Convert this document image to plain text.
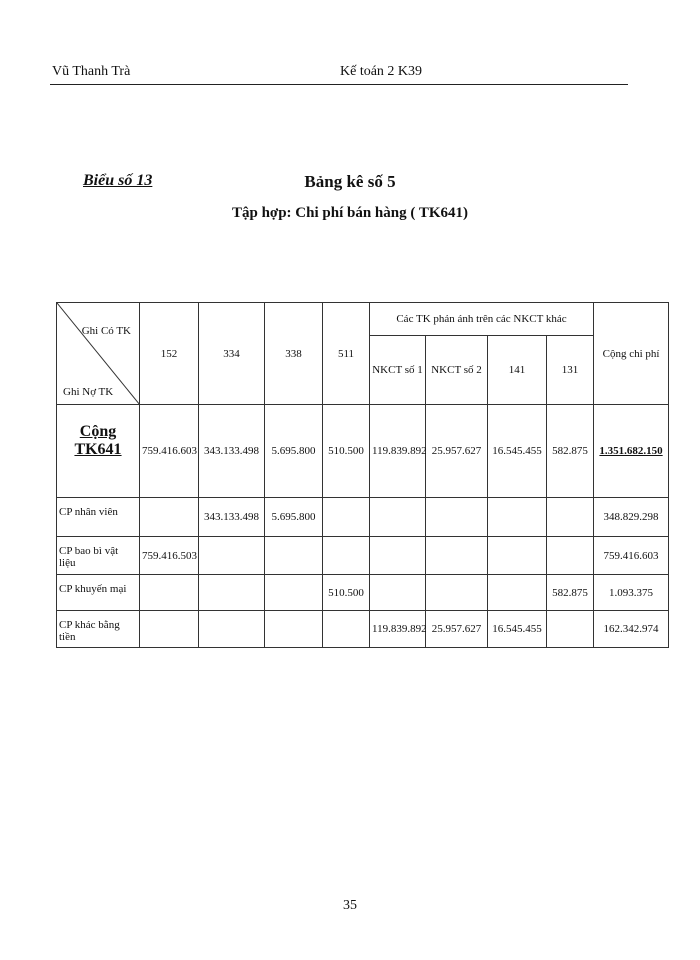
Vũ Thanh Trà	Kế toán 2 K39
Biểu số 13	Bảng kê số 5
Tập hợp: Chi phí bán hàng ( TK641)
Ghi Có TK
Ghi Nợ TK	152	334	338	511	Các TK phản ánh trên các NKCT khác				Cộng chi phí
					NKCT số 1	NKCT số 2	141	131	
Cộng TK641	759.416.603	343.133.498	5.695.800	510.500	119.839.892	25.957.627	16.545.455	582.875	1.351.682.150
CP nhân viên		343.133.498	5.695.800						348.829.298
CP bao bì vật liệu	759.416.503								759.416.603
CP khuyến mại				510.500				582.875	1.093.375
CP khác bằng tiền					119.839.892	25.957.627	16.545.455		162.342.974
35
